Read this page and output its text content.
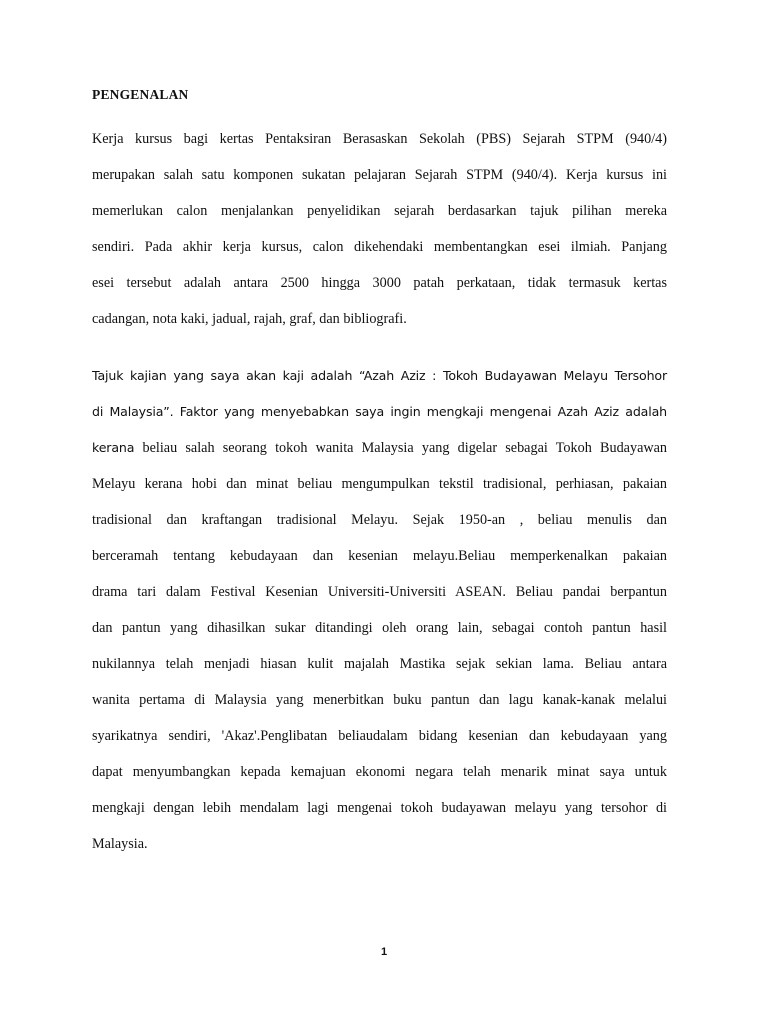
PENGENALAN
Kerja kursus bagi kertas Pentaksiran Berasaskan Sekolah (PBS) Sejarah STPM (940/4)
merupakan salah satu komponen sukatan pelajaran Sejarah STPM (940/4). Kerja kursus ini
memerlukan calon menjalankan penyelidikan sejarah berdasarkan tajuk pilihan mereka
sendiri. Pada akhir kerja kursus, calon dikehendaki membentangkan esei ilmiah. Panjang
esei tersebut adalah antara 2500 hingga 3000 patah perkataan, tidak termasuk kertas
cadangan, nota kaki, jadual, rajah, graf, dan bibliografi.
Tajuk kajian yang saya akan kaji adalah “Azah Aziz : Tokoh Budayawan Melayu Tersohor
di Malaysia”. Faktor yang menyebabkan saya ingin mengkaji mengenai Azah Aziz adalah
kerana beliau salah seorang tokoh wanita Malaysia yang digelar sebagai Tokoh Budayawan
Melayu kerana hobi dan minat beliau mengumpulkan tekstil tradisional, perhiasan, pakaian
tradisional dan kraftangan tradisional Melayu. Sejak 1950-an , beliau menulis dan
berceramah tentang kebudayaan dan kesenian melayu.Beliau memperkenalkan pakaian
drama tari dalam Festival Kesenian Universiti-Universiti ASEAN. Beliau pandai berpantun
dan pantun yang dihasilkan sukar ditandingi oleh orang lain, sebagai contoh pantun hasil
nukilannya telah menjadi hiasan kulit majalah Mastika sejak sekian lama. Beliau antara
wanita pertama di Malaysia yang menerbitkan buku pantun dan lagu kanak-kanak melalui
syarikatnya sendiri, 'Akaz'.Penglibatan beliaudalam bidang kesenian dan kebudayaan yang
dapat menyumbangkan kepada kemajuan ekonomi negara telah menarik minat saya untuk
mengkaji dengan lebih mendalam lagi mengenai tokoh budayawan melayu yang tersohor di
Malaysia.
1
